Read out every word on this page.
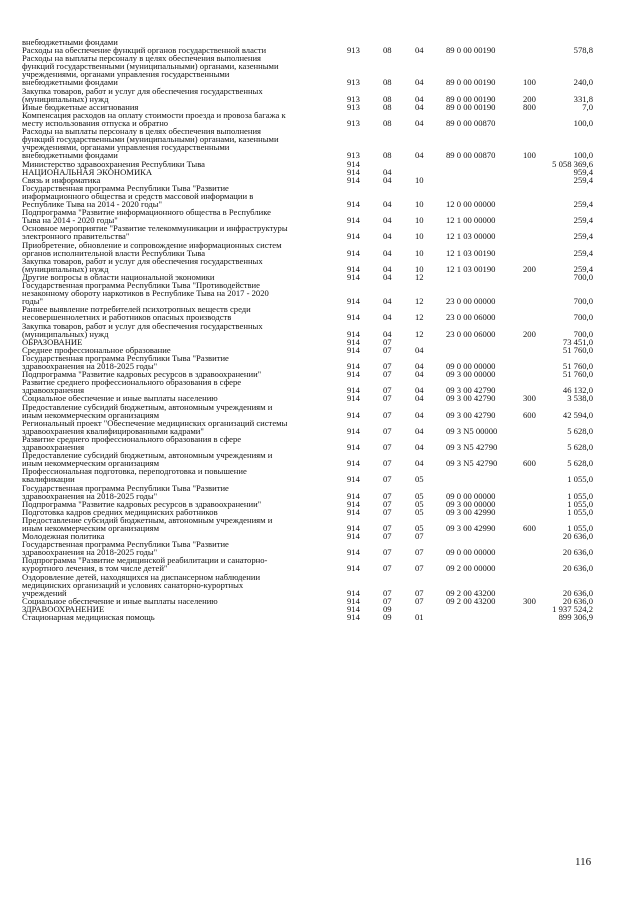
внебюджетными фондами
Расходы на обеспечение функций органов государственной власти	913	08	04	89 0 00 00190	578,8
Расходы на выплаты персоналу в целях обеспечения выполнения
функций государственными (муниципальными) органами, казенными
учреждениями, органами управления государственными
внебюджетными фондами	913	08	04	89 0 00 00190	100	240,0
Закупка товаров, работ и услуг для обеспечения государственных
(муниципальных) нужд	913	08	04	89 0 00 00190	200	331,8
Иные бюджетные ассигнования	913	08	04	89 0 00 00190	800	7,0
Компенсация расходов на оплату стоимости проезда и провоза багажа к
месту использования отпуска и обратно	913	08	04	89 0 00 00870	100,0
Расходы на выплаты персоналу в целях обеспечения выполнения
функций государственными (муниципальными) органами, казенными
учреждениями, органами управления государственными
внебюджетными фондами	913	08	04	89 0 00 00870	100	100,0
Министерство здравоохранения Республики Тыва	914	5 058 369,6
НАЦИОНАЛЬНАЯ ЭКОНОМИКА	914	04	959,4
Связь и информатика	914	04	10	259,4
Государственная программа Республики Тыва "Развитие
информационного общества и средств массовой информации в
Республике Тыва на 2014 - 2020 годы"	914	04	10	12 0 00 00000	259,4
Подпрограмма "Развитие информационного общества в Республике
Тыва на 2014 - 2020 годы"	914	04	10	12 1 00 00000	259,4
Основное мероприятие "Развитие телекоммуникации и инфраструктуры
электронного правительства"	914	04	10	12 1 03 00000	259,4
Приобретение, обновление и сопровождение информационных систем
органов исполнительной власти Республики Тыва	914	04	10	12 1 03 00190	259,4
Закупка товаров, работ и услуг для обеспечения государственных
(муниципальных) нужд	914	04	10	12 1 03 00190	200	259,4
Другие вопросы в области национальной экономики	914	04	12	700,0
Государственная программа Республики Тыва "Противодействие
незаконному обороту наркотиков в Республике Тыва на 2017 - 2020
годы"	914	04	12	23 0 00 00000	700,0
Раннее выявление потребителей психотропных веществ среди
несовершеннолетних и работников опасных производств	914	04	12	23 0 00 06000	700,0
Закупка товаров, работ и услуг для обеспечения государственных
(муниципальных) нужд	914	04	12	23 0 00 06000	200	700,0
ОБРАЗОВАНИЕ	914	07	73 451,0
Среднее профессиональное образование	914	07	04	51 760,0
Государственная программа Республики Тыва "Развитие
здравоохранения на 2018-2025 годы"	914	07	04	09 0 00 00000	51 760,0
Подпрограмма "Развитие кадровых ресурсов в здравоохранении"	914	07	04	09 3 00 00000	51 760,0
Развитие среднего профессионального образования в сфере
здравоохранения	914	07	04	09 3 00 42790	46 132,0
Социальное обеспечение и иные выплаты населению	914	07	04	09 3 00 42790	300	3 538,0
Предоставление субсидий бюджетным, автономным учреждениям и
иным некоммерческим организациям	914	07	04	09 3 00 42790	600	42 594,0
Региональный проект "Обеспечение медицинских организаций системы
здравоохранения квалифицированными кадрами"	914	07	04	09 3 N5 00000	5 628,0
Развитие среднего профессионального образования в сфере
здравоохранения	914	07	04	09 3 N5 42790	5 628,0
Предоставление субсидий бюджетным, автономным учреждениям и
иным некоммерческим организациям	914	07	04	09 3 N5 42790	600	5 628,0
Профессиональная подготовка, переподготовка и повышение
квалификации	914	07	05	1 055,0
Государственная программа Республики Тыва "Развитие
здравоохранения на 2018-2025 годы"	914	07	05	09 0 00 00000	1 055,0
Подпрограмма "Развитие кадровых ресурсов в здравоохранении"	914	07	05	09 3 00 00000	1 055,0
Подготовка кадров средних медицинских работников	914	07	05	09 3 00 42990	1 055,0
Предоставление субсидий бюджетным, автономным учреждениям и
иным некоммерческим организациям	914	07	05	09 3 00 42990	600	1 055,0
Молодежная политика	914	07	07	20 636,0
Государственная программа Республики Тыва "Развитие
здравоохранения на 2018-2025 годы"	914	07	07	09 0 00 00000	20 636,0
Подпрограмма "Развитие медицинской реабилитации и санаторно-
курортного лечения, в том числе детей"	914	07	07	09 2 00 00000	20 636,0
Оздоровление детей, находящихся на диспансерном наблюдении
медицинских организаций и условиях санаторно-курортных
учреждений	914	07	07	09 2 00 43200	20 636,0
Социальное обеспечение и иные выплаты населению	914	07	07	09 2 00 43200	300	20 636,0
ЗДРАВООХРАНЕНИЕ	914	09	1 937 524,2
Стационарная медицинская помощь	914	09	01	899 306,9
116
